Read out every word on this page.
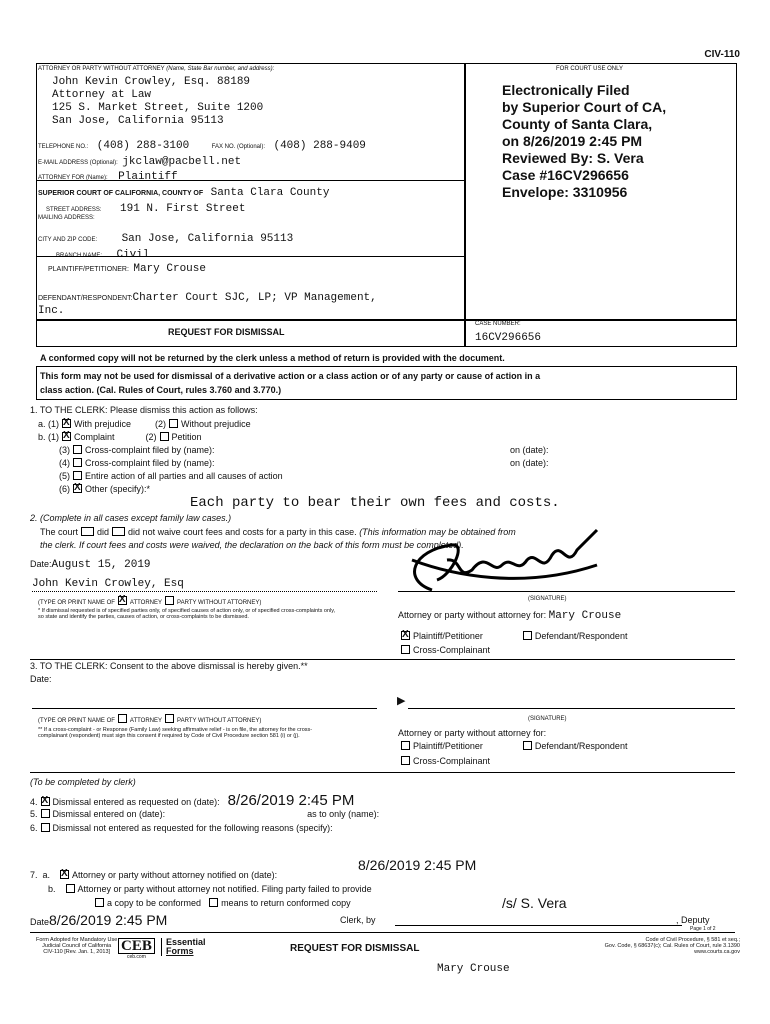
CIV-110
ATTORNEY OR PARTY WITHOUT ATTORNEY (Name, State Bar number, and address):
John Kevin Crowley, Esq. 88189
Attorney at Law
125 S. Market Street, Suite 1200
San Jose, California 95113
TELEPHONE NO.: (408) 288-3100	FAX NO. (Optional): (408) 288-9409
E-MAIL ADDRESS (Optional): jkclaw@pacbell.net
ATTORNEY FOR (Name): Plaintiff
SUPERIOR COURT OF CALIFORNIA, COUNTY OF Santa Clara County
STREET ADDRESS: 191 N. First Street
MAILING ADDRESS:
CITY AND ZIP CODE: San Jose, California 95113
BRANCH NAME: Civil
PLAINTIFF/PETITIONER: Mary Crouse
DEFENDANT/RESPONDENT:Charter Court SJC, LP; VP Management,
Inc.
FOR COURT USE ONLY
Electronically Filed
by Superior Court of CA,
County of Santa Clara,
on 8/26/2019 2:45 PM
Reviewed By: S. Vera
Case #16CV296656
Envelope: 3310956
REQUEST FOR DISMISSAL
CASE NUMBER:
16CV296656
A conformed copy will not be returned by the clerk unless a method of return is provided with the document.
This form may not be used for dismissal of a derivative action or a class action or of any party or cause of action in a
class action. (Cal. Rules of Court, rules 3.760 and 3.770.)
1. TO THE CLERK: Please dismiss this action as follows:
a. (1) X With prejudice	(2) Without prejudice
b. (1) X Complaint	(2) Petition
(3) Cross-complaint filed by (name):	on (date):
(4) Cross-complaint filed by (name):	on (date):
(5) Entire action of all parties and all causes of action
(6) X Other (specify):*
Each party to bear their own fees and costs.
2. (Complete in all cases except family law cases.)
The court did did not waive court fees and costs for a party in this case. (This information may be obtained from
the clerk. If court fees and costs were waived, the declaration on the back of this form must be completed).
Date:August 15, 2019
John Kevin Crowley, Esq
(TYPE OR PRINT NAME OF X	ATTORNEY	PARTY WITHOUT ATTORNEY)
(SIGNATURE)
* If dismissal requested is of specified parties only, of specified causes of action only, or of specified cross-complaints only, so state and identify the parties, causes of action, or cross-complaints to be dismissed.	Attorney or party without attorney for: Mary Crouse
XPlaintiff/Petitioner	Defendant/Respondent
Cross-Complainant
3. TO THE CLERK: Consent to the above dismissal is hereby given.**
Date:
▶
(TYPE OR PRINT NAME OF	ATTORNEY	PARTY WITHOUT ATTORNEY)	(SIGNATURE)
** If a cross-complaint - or Response (Family Law) seeking affirmative relief - is on file, the attorney for the cross-complainant (respondent) must sign this consent if required by Code of Civil Procedure section 581 (i) or (j).	Attorney or party without attorney for:
Plaintiff/Petitioner	Defendant/Respondent
Cross-Complainant
(To be completed by clerk)
4. X Dismissal entered as requested on (date): 8/26/2019 2:45 PM
5. Dismissal entered on (date):	as to only (name):
6. Dismissal not entered as requested for the following reasons (specify):
8/26/2019 2:45 PM
7.  a. X Attorney or party without attorney notified on (date):
b. Attorney or party without attorney not notified. Filing party failed to provide
a copy to be conformed means to return conformed copy	/s/ S. Vera
Date8/26/2019 2:45 PM	Clerk, by	, Deputy
Page 1 of 2
Form Adopted for Mandatory Use
Judicial Council of California
CIV-110 [Rev. Jan. 1, 2013] CEB
ceb.com
Essential
Forms	REQUEST FOR DISMISSAL
Code of Civil Procedure, § 581 et seq.;
Gov. Code, § 68637(c); Cal. Rules of Court, rule 3.1390
www.courts.ca.gov
Mary Crouse
